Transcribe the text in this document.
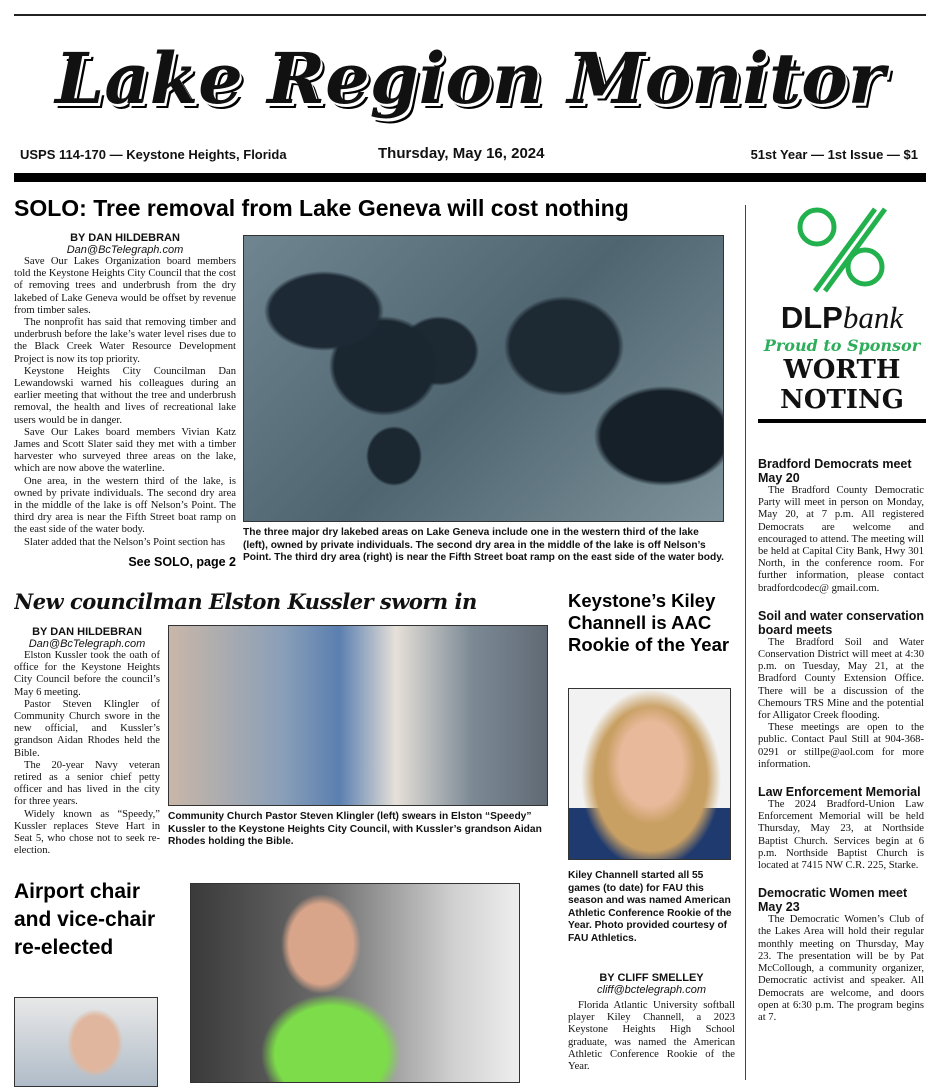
Lake Region Monitor
USPS 114-170 — Keystone Heights, Florida	Thursday, May 16, 2024	51st Year — 1st Issue — $1
SOLO: Tree removal from Lake Geneva will cost nothing
BY DAN HILDEBRAN
Dan@BcTelegraph.com

Save Our Lakes Organization board members told the Keystone Heights City Council that the cost of removing trees and underbrush from the dry lakebed of Lake Geneva would be offset by revenue from timber sales.

The nonprofit has said that removing timber and underbrush before the lake’s water level rises due to the Black Creek Water Resource Development Project is now its top priority.

Keystone Heights City Councilman Dan Lewandowski warned his colleagues during an earlier meeting that without the tree and underbrush removal, the health and lives of recreational lake users would be in danger.

Save Our Lakes board members Vivian Katz James and Scott Slater said they met with a timber harvester who surveyed three areas on the lake, which are now above the waterline.

One area, in the western third of the lake, is owned by private individuals. The second dry area in the middle of the lake is off Nelson’s Point. The third dry area is near the Fifth Street boat ramp on the east side of the water body.

Slater added that the Nelson’s Point section has

See SOLO, page 2
The three major dry lakebed areas on Lake Geneva include one in the western third of the lake (left), owned by private individuals. The second dry area in the middle of the lake is off Nelson’s Point. The third dry area (right) is near the Fifth Street boat ramp on the east side of the water body.
New councilman Elston Kussler sworn in
BY DAN HILDEBRAN
Dan@BcTelegraph.com

Elston Kussler took the oath of office for the Keystone Heights City Council before the council’s May 6 meeting.

Pastor Steven Klingler of Community Church swore in the new official, and Kussler’s grandson Aidan Rhodes held the Bible.

The 20-year Navy veteran retired as a senior chief petty officer and has lived in the city for three years.

Widely known as “Speedy,” Kussler replaces Steve Hart in Seat 5, who chose not to seek re-election.

Community Church Pastor Steven Klingler (left) swears in Elston “Speedy” Kussler to the Keystone Heights City Council, with Kussler’s grandson Aidan Rhodes holding the Bible.
Keystone’s Kiley Channell is AAC Rookie of the Year
Kiley Channell started all 55 games (to date) for FAU this season and was named American Athletic Conference Rookie of the Year. Photo provided courtesy of FAU Athletics.
BY CLIFF SMELLEY
cliff@bctelegraph.com

Florida Atlantic University softball player Kiley Channell, a 2023 Keystone Heights High School graduate, was named the American Athletic Conference Rookie of the Year.

Airport chair and vice-chair re-elected
DLPbank
Proud to Sponsor
WORTH
NOTING
Bradford Democrats meet May 20

The Bradford County Democratic Party will meet in person on Monday, May 20, at 7 p.m. All registered Democrats are welcome and encouraged to attend. The meeting will be held at Capital City Bank, Hwy 301 North, in the conference room. For further information, please contact bradfordcodec@ gmail.com.

Soil and water conservation board meets

The Bradford Soil and Water Conservation District will meet at 4:30 p.m. on Tuesday, May 21, at the Bradford County Extension Office. There will be a discussion of the Chemours TRS Mine and the potential for Alligator Creek flooding.

These meetings are open to the public. Contact Paul Still at 904-368-0291 or stillpe@aol.com for more information.

Law Enforcement Memorial

The 2024 Bradford-Union Law Enforcement Memorial will be held Thursday, May 23, at Northside Baptist Church. Services begin at 6 p.m. Northside Baptist Church is located at 7415 NW C.R. 225, Starke.

Democratic Women meet May 23

The Democratic Women’s Club of the Lakes Area will hold their regular monthly meeting on Thursday, May 23. The presentation will be by Pat McCollough, a community organizer, Democratic activist and speaker. All Democrats are welcome, and doors open at 6:30 p.m. The program begins at 7.
